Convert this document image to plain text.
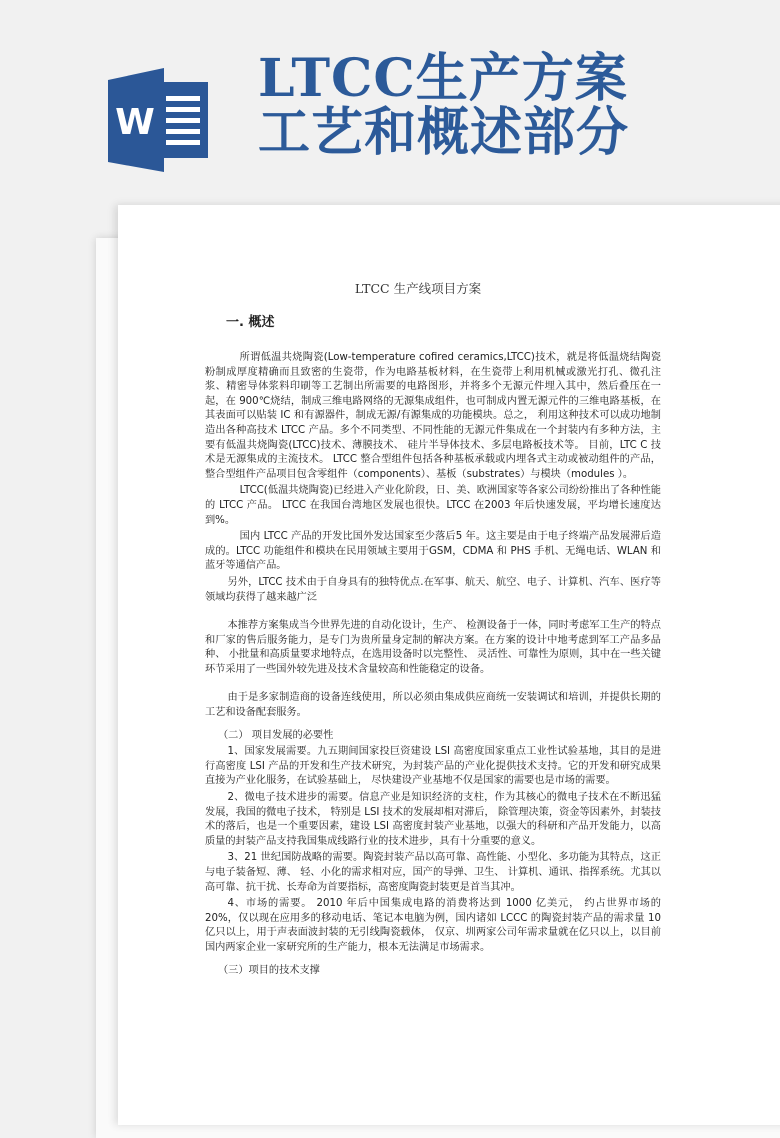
W
LTCC生产方案
工艺和概述部分
LTCC 生产线项目方案
一. 概述
所谓低温共烧陶瓷(Low-temperature cofired ceramics,LTCC)技术，就是将低温烧结陶瓷粉制成厚度精确而且致密的生瓷带，作为电路基板材料，在生瓷带上利用机械或激光打孔、微孔注浆、精密导体浆料印刷等工艺制出所需要的电路图形，并将多个无源元件埋入其中，然后叠压在一起，在 900℃烧结，制成三维电路网络的无源集成组件，也可制成内置无源元件的三维电路基板，在其表面可以贴装 IC 和有源器件，制成无源/有源集成的功能模块。总之， 利用这种技术可以成功地制造出各种高技术 LTCC 产品。多个不同类型、不同性能的无源元件集成在一个封装内有多种方法，主要有低温共烧陶瓷(LTCC)技术、薄膜技术、 硅片半导体技术、多层电路板技术等。 目前，LTC C 技术是无源集成的主流技术。 LTCC 整合型组件包括各种基板承载或内埋各式主动或被动组件的产品， 整合型组件产品项目包含零组件（components）、基板（substrates）与模块（modules ）。
LTCC(低温共烧陶瓷)已经进入产业化阶段，日、美、欧洲国家等各家公司纷纷推出了各种性能的 LTCC 产品。 LTCC 在我国台湾地区发展也很快。LTCC 在2003 年后快速发展，平均增长速度达到%。
国内 LTCC 产品的开发比国外发达国家至少落后5 年。这主要是由于电子终端产品发展滞后造成的。LTCC 功能组件和模块在民用领域主要用于GSM，CDMA 和 PHS 手机、无绳电话、WLAN 和蓝牙等通信产品。
另外，LTCC 技术由于自身具有的独特优点.在军事、航天、航空、电子、计算机、汽车、医疗等领域均获得了越来越广泛
本推荐方案集成当今世界先进的自动化设计，生产、 检测设备于一体，同时考虑军工生产的特点和厂家的售后服务能力，是专门为贵所量身定制的解决方案。在方案的设计中地考虑到军工产品多品种、 小批量和高质量要求地特点，在选用设备时以完整性、 灵活性、可靠性为原则，其中在一些关键环节采用了一些国外较先进及技术含量较高和性能稳定的设备。
由于是多家制造商的设备连线使用，所以必须由集成供应商统一安装调试和培训，并提供长期的工艺和设备配套服务。
（二） 项目发展的必要性
1、国家发展需要。九五期间国家投巨资建设 LSI 高密度国家重点工业性试验基地，其目的是进行高密度 LSI 产品的开发和生产技术研究，为封装产品的产业化提供技术支持。它的开发和研究成果直接为产业化服务，在试验基础上， 尽快建设产业基地不仅是国家的需要也是市场的需要。
2、微电子技术进步的需要。信息产业是知识经济的支柱，作为其核心的微电子技术在不断迅猛发展，我国的微电子技术， 特别是 LSI 技术的发展却相对滞后， 除管理决策，资金等因素外，封装技术的落后，也是一个重要因素，建设 LSI 高密度封装产业基地，以强大的科研和产品开发能力，以高质量的封装产品支持我国集成线路行业的技术进步，具有十分重要的意义。
3、21 世纪国防战略的需要。陶瓷封装产品以高可靠、高性能、小型化、多功能为其特点，这正与电子装备短、薄、 轻、小化的需求相对应，国产的导弹、卫生、 计算机、通讯、指挥系统。尤其以高可靠、抗干扰、长寿命为首要指标，高密度陶瓷封装更是首当其冲。
4、市场的需要。 2010 年后中国集成电路的消费将达到 1000 亿美元， 约占世界市场的 20%，仅以现在应用多的移动电话、笔记本电脑为例，国内诸如 LCCC 的陶瓷封装产品的需求量 10 亿只以上，用于声表面波封装的无引线陶瓷载体， 仅京、圳两家公司年需求量就在亿只以上，以目前国内两家企业一家研究所的生产能力，根本无法满足市场需求。
（三）项目的技术支撑
